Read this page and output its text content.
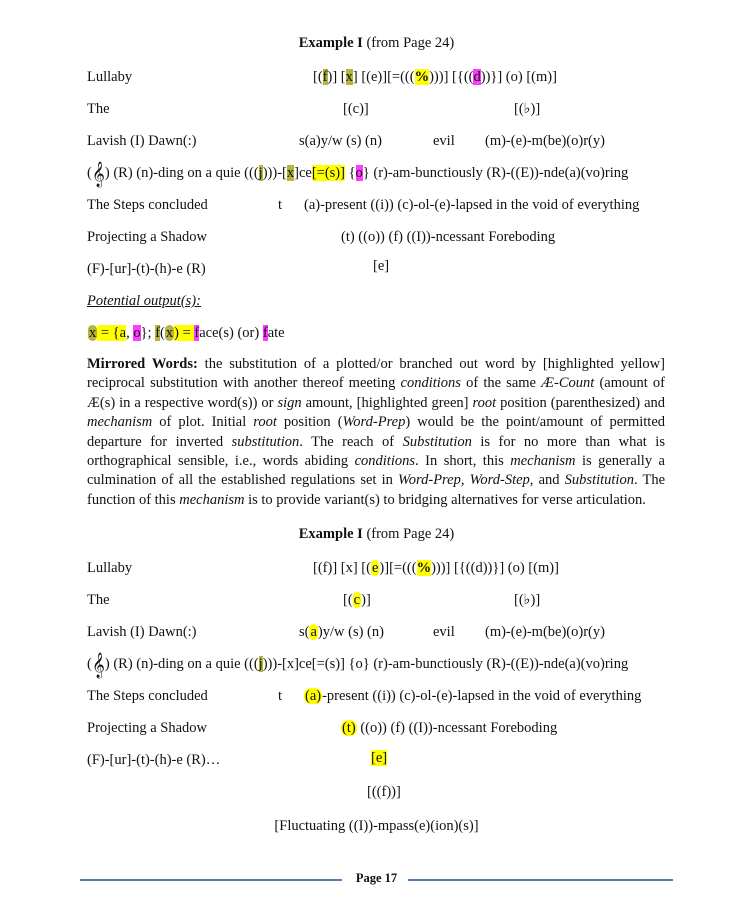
Example I (from Page 24)
Lullaby	[(f)] [x] [(e)][=(((%)))] [{((d))}] (o) [(m)]
The	[(c)]	[(♭)]
Lavish (I) Dawn(:)	s(a)y/w (s) (n)	evil (m)-(e)-m(be)(o)r(y)
(𝄞) (R) (n)-ding on a quie (((j)))-[x]ce[=(s)] {o} (r)-am-bunctiously (R)-((E))-nde(a)(vo)ring
The Steps concluded	t (a)-present ((i)) (c)-ol-(e)-lapsed in the void of everything
Projecting a Shadow	(t) ((o)) (f) ((I))-ncessant Foreboding
(F)-[ur]-(t)-(h)-e (R)	[e]
Potential output(s):
x = {a, o}; f(x) = face(s) (or) fate
Mirrored Words: the substitution of a plotted/or branched out word by [highlighted yellow] reciprocal substitution with another thereof meeting conditions of the same Æ-Count (amount of Æ(s) in a respective word(s)) or sign amount, [highlighted green] root position (parenthesized) and mechanism of plot. Initial root position (Word-Prep) would be the point/amount of permitted departure for inverted substitution. The reach of Substitution is for no more than what is orthographical sensible, i.e., words abiding conditions. In short, this mechanism is generally a culmination of all the established regulations set in Word-Prep, Word-Step, and Substitution. The function of this mechanism is to provide variant(s) to bridging alternatives for verse articulation.
Example I (from Page 24)
Lullaby	[(f)] [x] [(e)][=(((%)))] [{((d))}] (o) [(m)]
The	[(c)]	[(♭)]
Lavish (I) Dawn(:)	s(a)y/w (s) (n)	evil (m)-(e)-m(be)(o)r(y)
(𝄞) (R) (n)-ding on a quie (((j)))-[x]ce[=(s)] {o} (r)-am-bunctiously (R)-((E))-nde(a)(vo)ring
The Steps concluded	t (a)-present ((i)) (c)-ol-(e)-lapsed in the void of everything
Projecting a Shadow	(t) ((o)) (f) ((I))-ncessant Foreboding
(F)-[ur]-(t)-(h)-e (R)…	[e]
[((f))]
[Fluctuating ((I))-mpass(e)(ion)(s)]
Page 17
